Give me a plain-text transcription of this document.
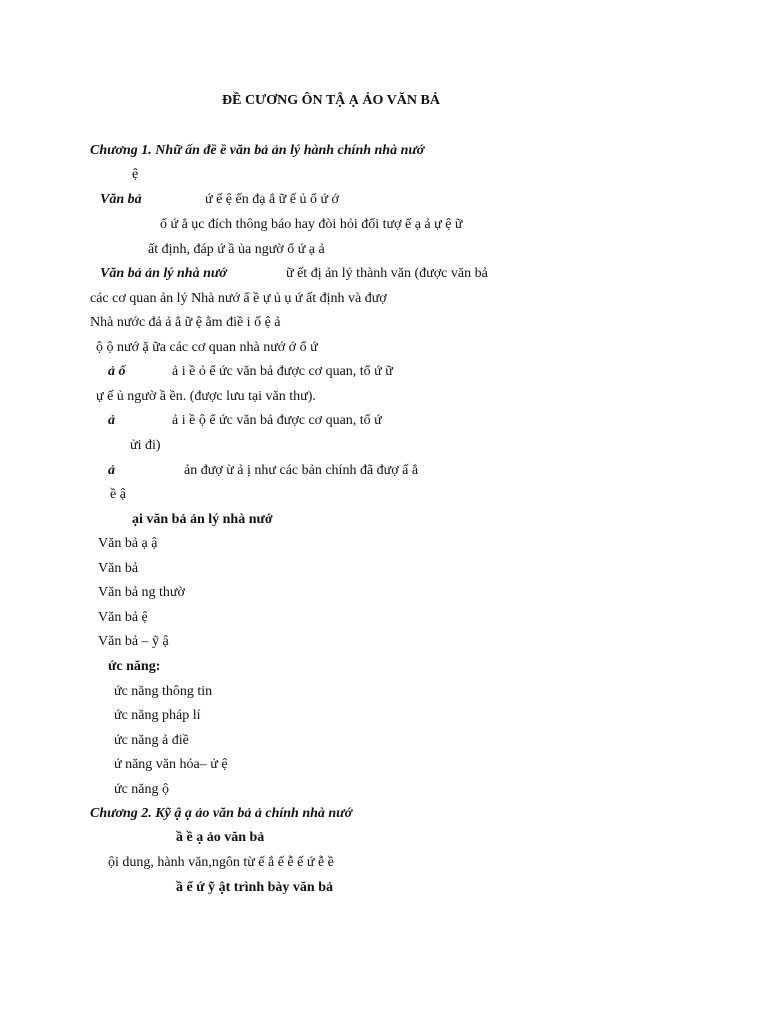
ĐỀ CƯƠNG ÔN TẬ Ạ ẢO VĂN BẢ
Chương 1. Nhữ ấn đề ề văn bả ản lý hành chính nhà nướ
ệ
Văn bả	ứ ế ệ ến đạ ẳ ữ ế ủ ổ ứ ớ
ổ ứ ẳ ục đích thông báo hay đòi hỏi đối tượ ế ạ ả ự ệ ữ
ất định, đáp ứ ầ ủa ngườ ổ ứ ạ ả
Văn bả ản lý nhà nướ	ữ ết đị ản lý thành văn (được văn bả
các cơ quan ản lý Nhà nướ ẩ ề ự ủ ụ ứ ất định và đượ
Nhà nước đả ả ẳ ữ ệ ằm điề i ố ệ ả
ộ ộ nướ ặ ữa các cơ quan nhà nướ ớ ổ ứ
ả ố	ả i ề ỏ ể ức văn bả được cơ quan, tổ ứ ữ
ự ế ủ ngườ ầ ền. (được lưu tại văn thư).
ả	ả i ề ộ ể ức văn bả được cơ quan, tổ ứ
ửi đi)
ả	ản đượ ừ ả ị như các bản chính đã đượ ấ ẳ
ề ậ
ại văn bả ản lý nhà nướ
Văn bả ạ ậ
Văn bả
Văn bả ng thườ
Văn bả ệ
Văn bả – ỹ ậ
ức năng:
ức năng thông tin
ức năng pháp lí
ức năng ả điề
ứ năng văn hóa– ử ệ
ức năng ộ
Chương 2. Kỹ ậ ạ ảo văn bả ả chính nhà nướ
ầ ề ạ ảo văn bả
ội dung, hành văn,ngôn từ ế ắ ế ễ ế ứ ễ ề
ầ ể ứ ỹ ật trình bày văn bả
